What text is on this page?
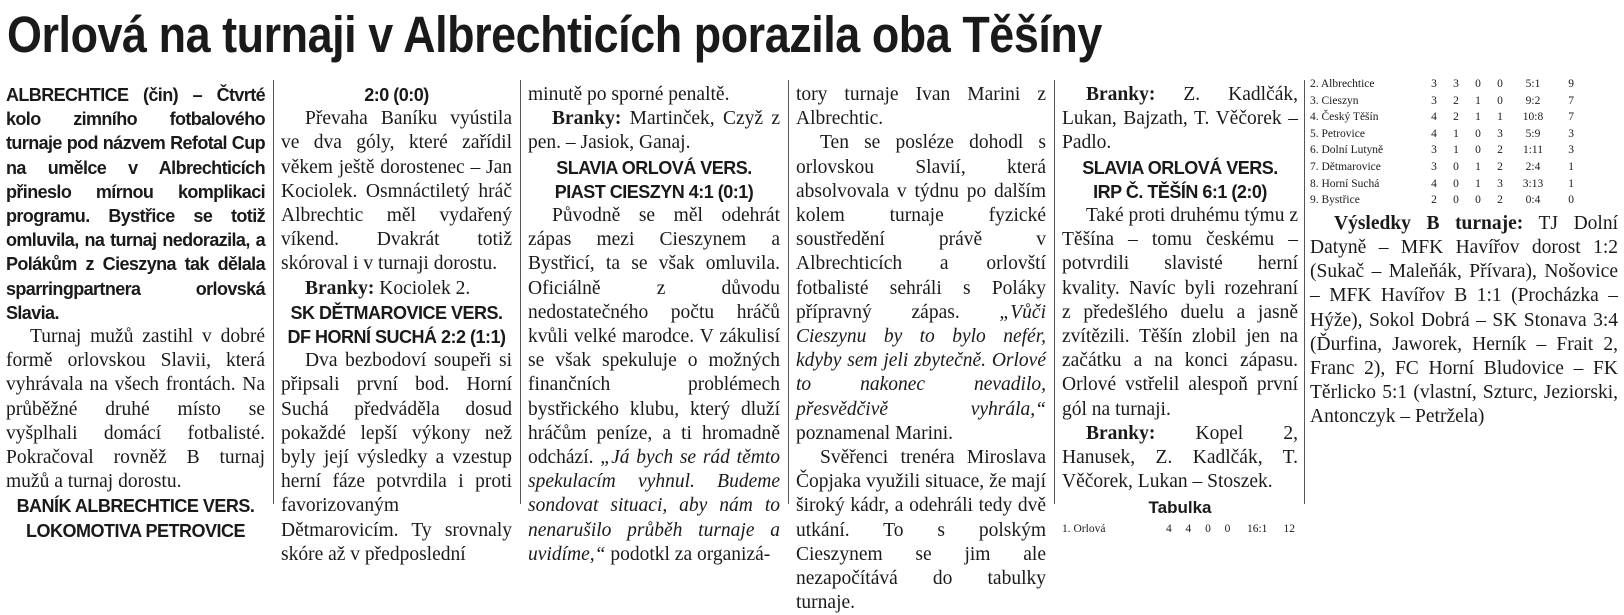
Orlová na turnaji v Albrechticích porazila oba Těšíny
ALBRECHTICE (čin) – Čtvrté kolo zimního fotbalového turnaje pod názvem Refotal Cup na umělce v Albrechticích přineslo mírnou komplikaci programu. Bystřice se totiž omluvila, na turnaj nedorazila, a Polákům z Cieszyna tak dělala sparringpartnera orlovská Slavia.
Turnaj mužů zastihl v dobré formě orlovskou Slavii, která vyhrávala na všech frontách. Na průběžné druhé místo se vyšplhali domácí fotbalisté. Pokračoval rovněž B turnaj mužů a turnaj dorostu.
BANÍK ALBRECHTICE VERS.
LOKOMOTIVA PETROVICE
2:0 (0:0)
Převaha Baníku vyústila ve dva góly, které zařídil věkem ještě dorostenec – Jan Kociolek. Osmnáctiletý hráč Albrechtic měl vydařený víkend. Dvakrát totiž skóroval i v turnaji dorostu.
Branky: Kociolek 2.
SK DĚTMAROVICE VERS.
DF HORNÍ SUCHÁ 2:2 (1:1)
Dva bezbodoví soupeři si připsali první bod. Horní Suchá předváděla dosud pokaždé lepší výkony než byly její výsledky a vzestup herní fáze potvrdila i proti favorizovaným Dětmarovicím. Ty srovnaly skóre až v předposlední
minutě po sporné penaltě.
Branky: Martinček, Czyž z pen. – Jasiok, Ganaj.
SLAVIA ORLOVÁ VERS.
PIAST CIESZYN 4:1 (0:1)
Původně se měl odehrát zápas mezi Cieszynem a Bystřicí, ta se však omluvila. Oficiálně z důvodu nedostatečného počtu hráčů kvůli velké marodce. V zákulisí se však spekuluje o možných finančních problémech bystřického klubu, který dluží hráčům peníze, a ti hromadně odchází. „Já bych se rád těmto spekulacím vyhnul. Budeme sondovat situaci, aby nám to nenarušilo průběh turnaje a uvidíme,“ podotkl za organizá-
tory turnaje Ivan Marini z Albrechtic.
Ten se posléze dohodl s orlovskou Slavií, která absolvovala v týdnu po dalším kolem turnaje fyzické soustředění právě v Albrechticích a orlovští fotbalisté sehráli s Poláky přípravný zápas. „Vůči Cieszynu by to bylo nefér, kdyby sem jeli zbytečně. Orlové to nakonec nevadilo, přesvědčivě vyhrála,“ poznamenal Marini.
Svěřenci trenéra Miroslava Čopjaka využili situace, že mají široký kádr, a odehráli tedy dvě utkání. To s polským Cieszynem se jim ale nezapočítává do tabulky turnaje.
Branky: Z. Kadlčák, Lukan, Bajzath, T. Věčorek – Padlo.
SLAVIA ORLOVÁ VERS.
IRP Č. TĚŠÍN 6:1 (2:0)
Také proti druhému týmu z Těšína – tomu českému – potvrdili slavisté herní kvality. Navíc byli rozehraní z předešlého duelu a jasně zvítězili. Těšín zlobil jen na začátku a na konci zápasu. Orlové vstřelil alespoň první gól na turnaji.
Branky: Kopel 2, Hanusek, Z. Kadlčák, T. Věčorek, Lukan – Stoszek.
Tabulka
1. Orlová	4	4	0	0	16:1	12
2. Albrechtice	3	3	0	0	5:1	9
3. Cieszyn	3	2	1	0	9:2	7
4. Český Těšín	4	2	1	1	10:8	7
5. Petrovice	4	1	0	3	5:9	3
6. Dolní Lutyně	3	1	0	2	1:11	3
7. Dětmarovice	3	0	1	2	2:4	1
8. Horní Suchá	4	0	1	3	3:13	1
9. Bystřice	2	0	0	2	0:4	0
Výsledky B turnaje: TJ Dolní Datyně – MFK Havířov dorost 1:2 (Sukač – Maleňák, Přívara), Nošovice – MFK Havířov B 1:1 (Procházka – Hýže), Sokol Dobrá – SK Stonava 3:4 (Ďurfina, Jaworek, Herník – Frait 2, Franc 2), FC Horní Bludovice – FK Těrlicko 5:1 (vlastní, Szturc, Jeziorski, Antonczyk – Petržela)
